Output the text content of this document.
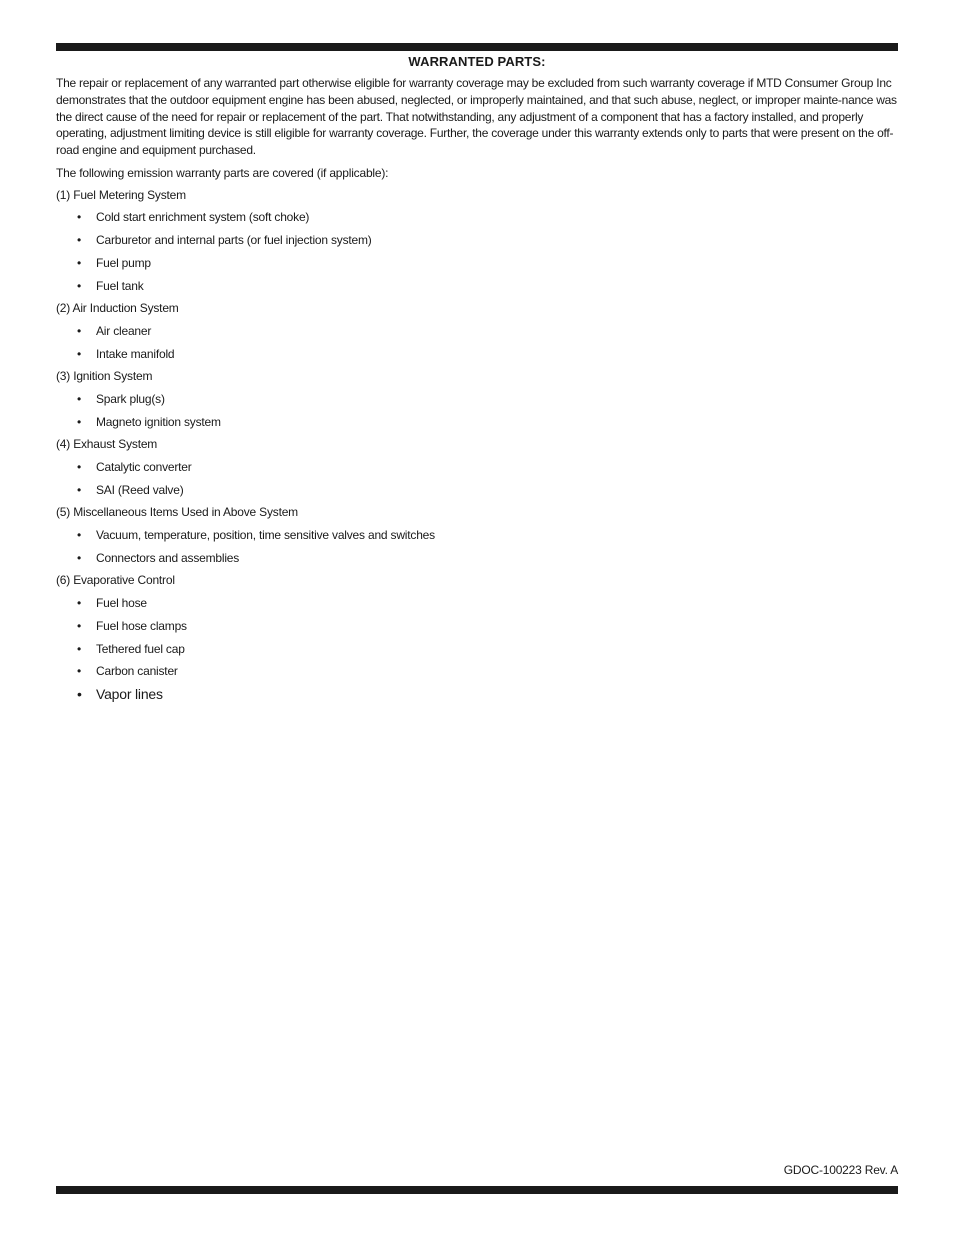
WARRANTED PARTS:

The repair or replacement of any warranted part otherwise eligible for warranty coverage may be excluded from such warranty coverage if MTD Consumer Group Inc demonstrates that the outdoor equipment engine has been abused, neglected, or improperly maintained, and that such abuse, neglect, or improper mainte-nance was the direct cause of the need for repair or replacement of the part. That notwithstanding, any adjustment of a component that has a factory installed, and properly operating, adjustment limiting device is still eligible for warranty coverage. Further, the coverage under this warranty extends only to parts that were present on the off-road engine and equipment purchased.

The following emission warranty parts are covered (if applicable):

(1) Fuel Metering System
• Cold start enrichment system (soft choke)
• Carburetor and internal parts (or fuel injection system)
• Fuel pump
• Fuel tank
(2) Air Induction System
• Air cleaner
• Intake manifold
(3) Ignition System
• Spark plug(s)
• Magneto ignition system
(4) Exhaust System
• Catalytic converter
• SAI (Reed valve)
(5) Miscellaneous Items Used in Above System
• Vacuum, temperature, position, time sensitive valves and switches
• Connectors and assemblies
(6) Evaporative Control
• Fuel hose
• Fuel hose clamps
• Tethered fuel cap
• Carbon canister
• Vapor lines
GDOC-100223 Rev. A
